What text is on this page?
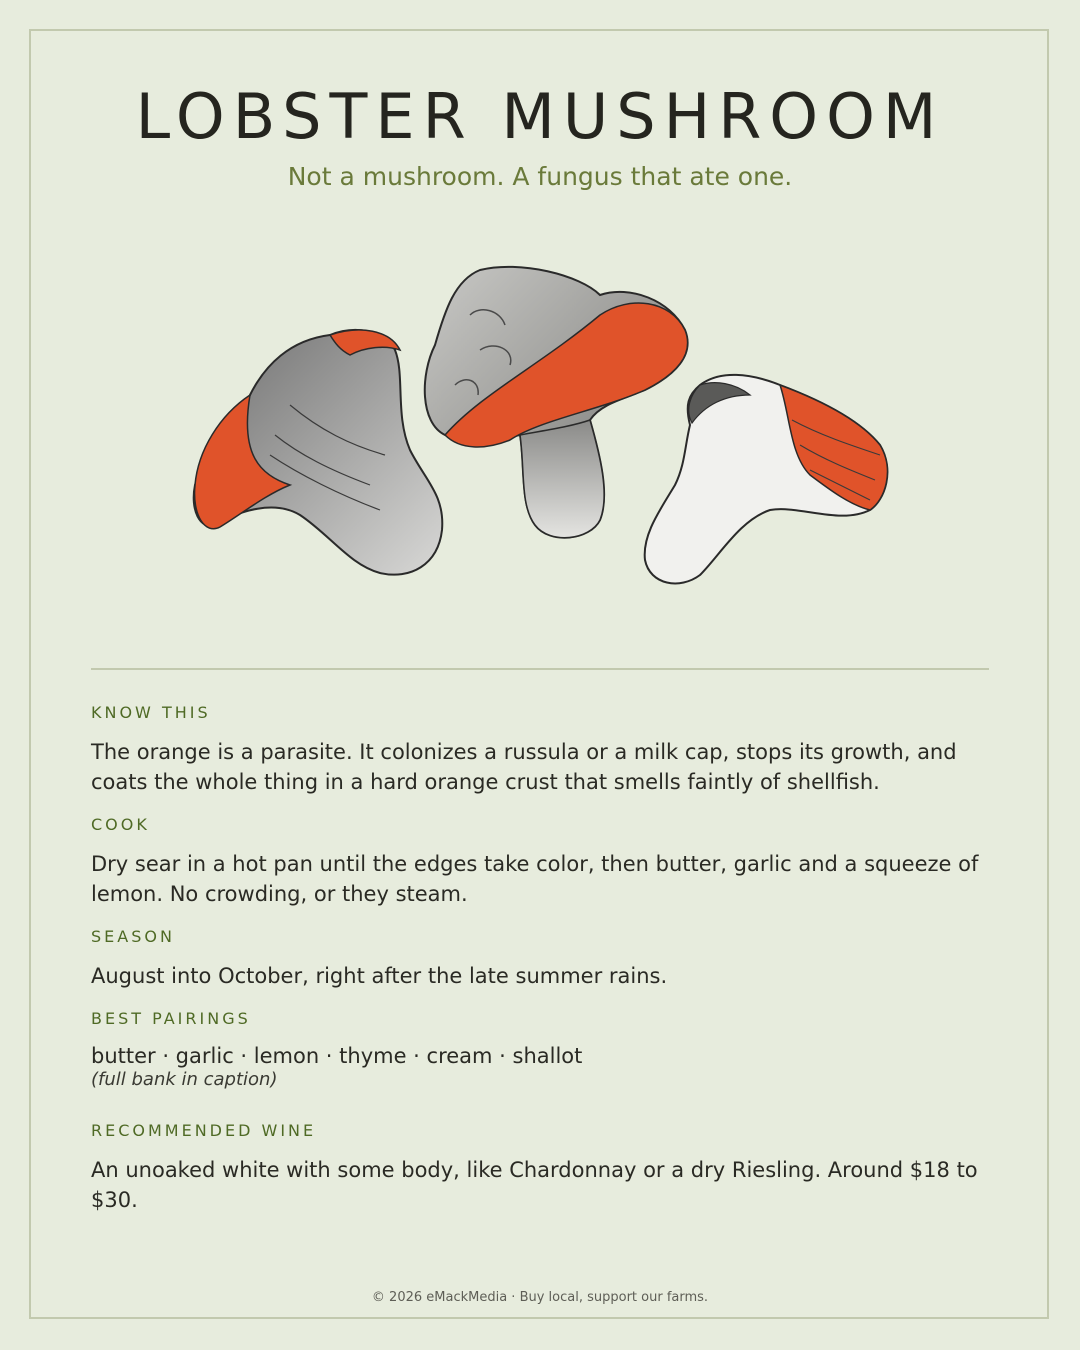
LOBSTER MUSHROOM
Not a mushroom. A fungus that ate one.
KNOW THIS
The orange is a parasite. It colonizes a russula or a milk cap, stops its growth, and coats the whole thing in a hard orange crust that smells faintly of shellfish.
COOK
Dry sear in a hot pan until the edges take color, then butter, garlic and a squeeze of lemon. No crowding, or they steam.
SEASON
August into October, right after the late summer rains.
BEST PAIRINGS
butter · garlic · lemon · thyme · cream · shallot
(full bank in caption)
RECOMMENDED WINE
An unoaked white with some body, like Chardonnay or a dry Riesling. Around $18 to $30.
© 2026 eMackMedia · Buy local, support our farms.
